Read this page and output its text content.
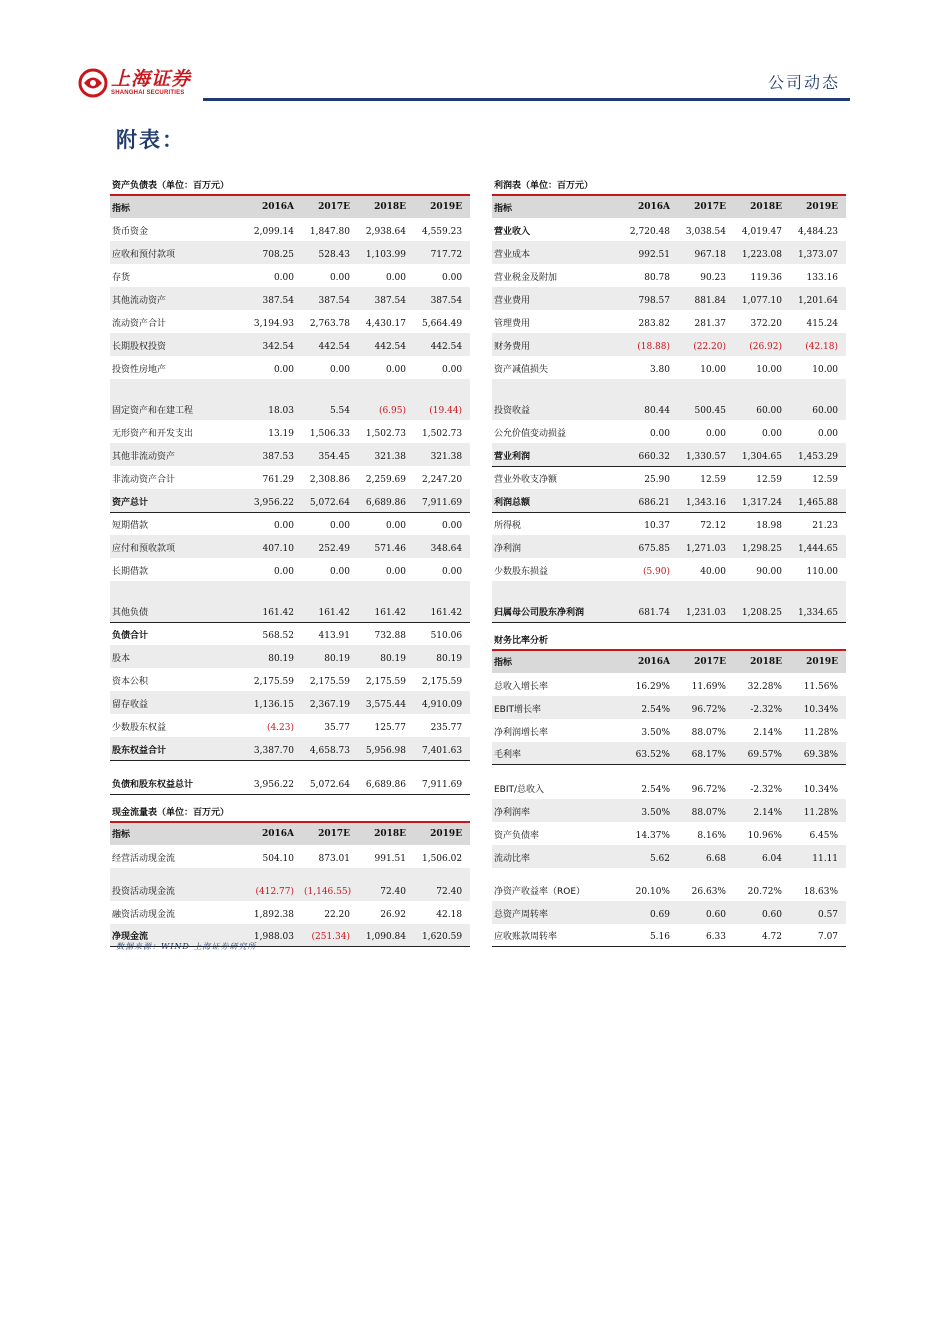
上海证券
SHANGHAI SECURITIES
公司动态
附表：
资产负债表（单位：百万元）				
指标	2016A	2017E	2018E	2019E
货币资金	2,099.14	1,847.80	2,938.64	4,559.23
应收和预付款项	708.25	528.43	1,103.99	717.72
存货	0.00	0.00	0.00	0.00
其他流动资产	387.54	387.54	387.54	387.54
流动资产合计	3,194.93	2,763.78	4,430.17	5,664.49
长期股权投资	342.54	442.54	442.54	442.54
投资性房地产	0.00	0.00	0.00	0.00
固定资产和在建工程	18.03	5.54	(6.95)	(19.44)
无形资产和开发支出	13.19	1,506.33	1,502.73	1,502.73
其他非流动资产	387.53	354.45	321.38	321.38
非流动资产合计	761.29	2,308.86	2,259.69	2,247.20
资产总计	3,956.22	5,072.64	6,689.86	7,911.69
短期借款	0.00	0.00	0.00	0.00
应付和预收款项	407.10	252.49	571.46	348.64
长期借款	0.00	0.00	0.00	0.00
其他负债	161.42	161.42	161.42	161.42
负债合计	568.52	413.91	732.88	510.06
股本	80.19	80.19	80.19	80.19
资本公积	2,175.59	2,175.59	2,175.59	2,175.59
留存收益	1,136.15	2,367.19	3,575.44	4,910.09
少数股东权益	(4.23)	35.77	125.77	235.77
股东权益合计	3,387.70	4,658.73	5,956.98	7,401.63
负债和股东权益总计	3,956.22	5,072.64	6,689.86	7,911.69
现金流量表（单位：百万元）				
指标	2016A	2017E	2018E	2019E
经营活动现金流	504.10	873.01	991.51	1,506.02
投资活动现金流	(412.77)	(1,146.55)	72.40	72.40
融资活动现金流	1,892.38	22.20	26.92	42.18
净现金流	1,988.03	(251.34)	1,090.84	1,620.59
利润表（单位：百万元）				
指标	2016A	2017E	2018E	2019E
营业收入	2,720.48	3,038.54	4,019.47	4,484.23
营业成本	992.51	967.18	1,223.08	1,373.07
营业税金及附加	80.78	90.23	119.36	133.16
营业费用	798.57	881.84	1,077.10	1,201.64
管理费用	283.82	281.37	372.20	415.24
财务费用	(18.88)	(22.20)	(26.92)	(42.18)
资产减值损失	3.80	10.00	10.00	10.00
投资收益	80.44	500.45	60.00	60.00
公允价值变动损益	0.00	0.00	0.00	0.00
营业利润	660.32	1,330.57	1,304.65	1,453.29
营业外收支净额	25.90	12.59	12.59	12.59
利润总额	686.21	1,343.16	1,317.24	1,465.88
所得税	10.37	72.12	18.98	21.23
净利润	675.85	1,271.03	1,298.25	1,444.65
少数股东损益	(5.90)	40.00	90.00	110.00
归属母公司股东净利润	681.74	1,231.03	1,208.25	1,334.65
财务比率分析				
指标	2016A	2017E	2018E	2019E
总收入增长率	16.29%	11.69%	32.28%	11.56%
EBIT增长率	2.54%	96.72%	-2.32%	10.34%
净利润增长率	3.50%	88.07%	2.14%	11.28%
毛利率	63.52%	68.17%	69.57%	69.38%
EBIT/总收入	2.54%	96.72%	-2.32%	10.34%
净利润率	3.50%	88.07%	2.14%	11.28%
资产负债率	14.37%	8.16%	10.96%	6.45%
流动比率	5.62	6.68	6.04	11.11
净资产收益率（ROE）	20.10%	26.63%	20.72%	18.63%
总资产周转率	0.69	0.60	0.60	0.57
应收账款周转率	5.16	6.33	4.72	7.07
数据来源：WIND 上海证券研究所
